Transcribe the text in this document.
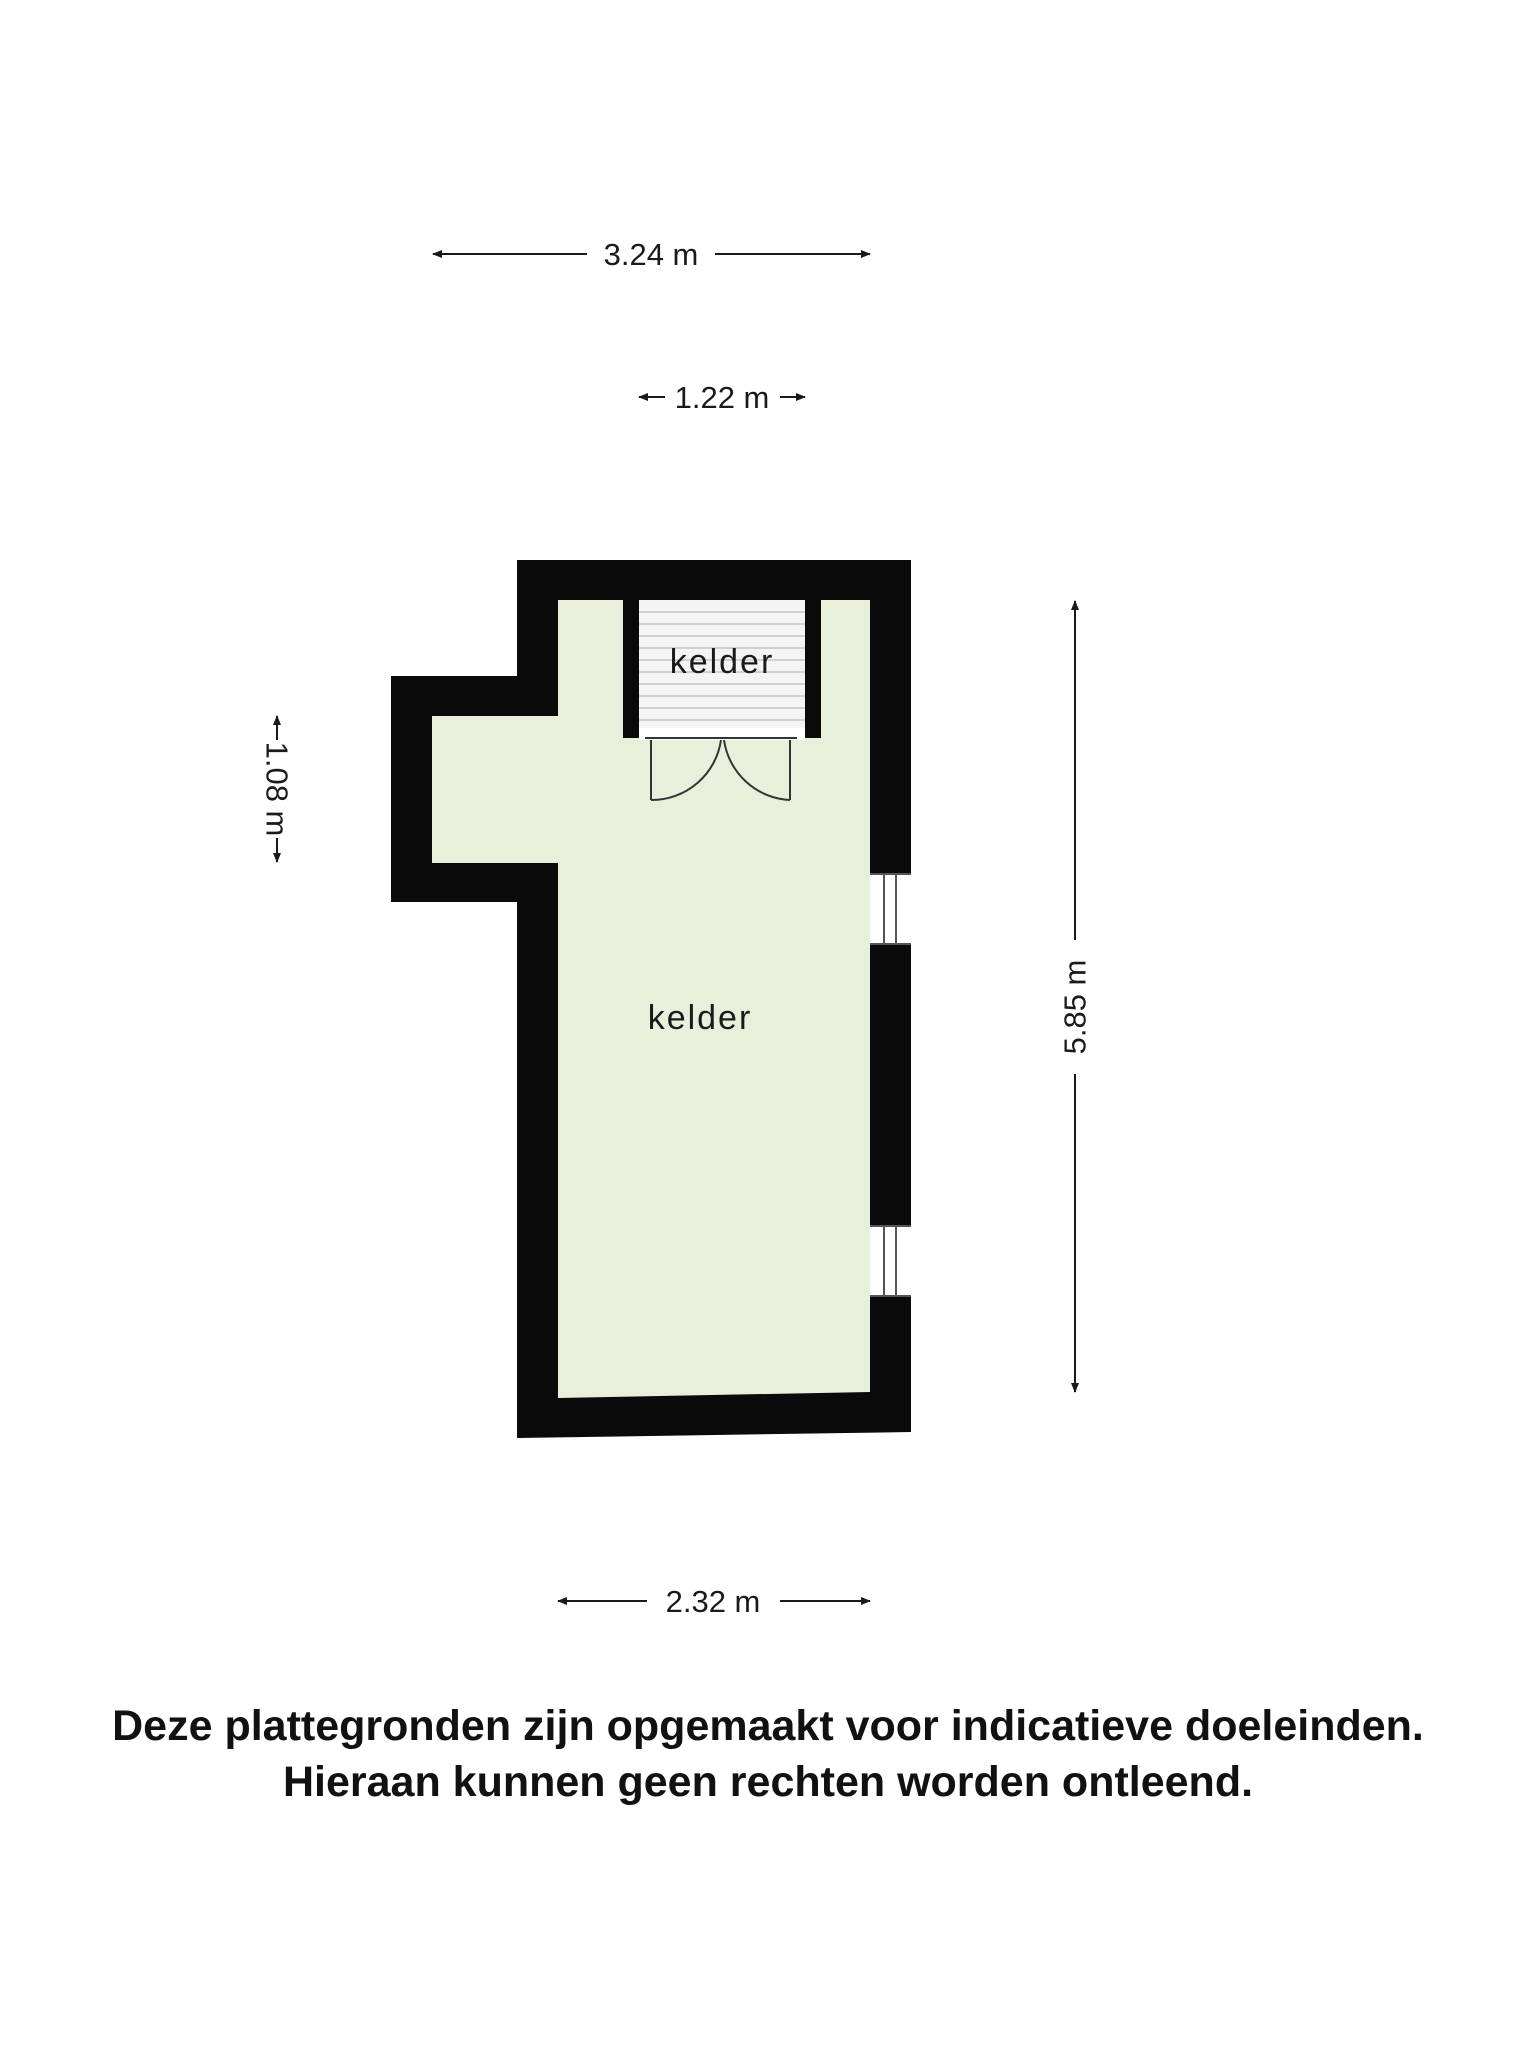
kelder
kelder
3.24 m
1.22 m
1.08 m
5.85 m
2.32 m
Deze plattegronden zijn opgemaakt voor indicatieve doeleinden.
Hieraan kunnen geen rechten worden ontleend.
